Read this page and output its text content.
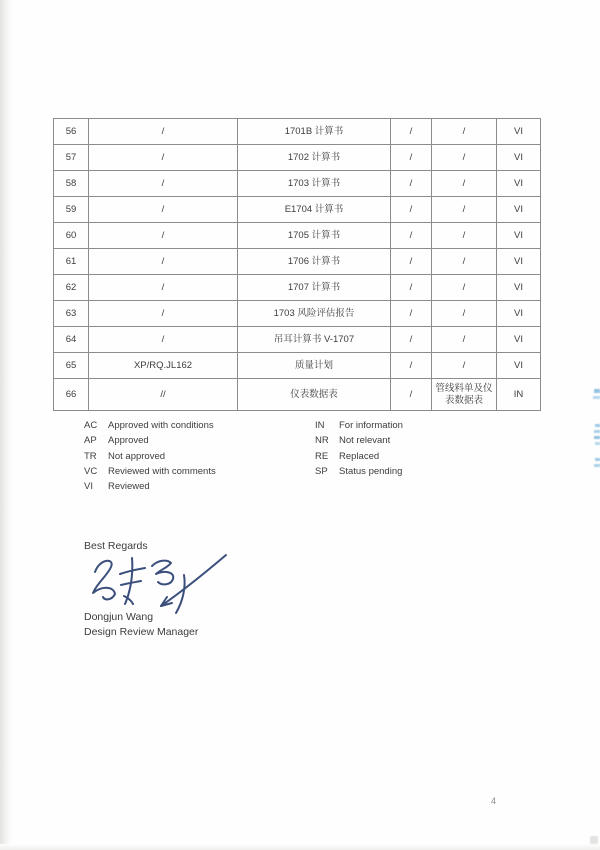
56	/	1701B 计算书	/	/	VI
57	/	1702 计算书	/	/	VI
58	/	1703 计算书	/	/	VI
59	/	E1704 计算书	/	/	VI
60	/	1705 计算书	/	/	VI
61	/	1706 计算书	/	/	VI
62	/	1707 计算书	/	/	VI
63	/	1703 风险评估报告	/	/	VI
64	/	吊耳计算书 V-1707	/	/	VI
65	XP/RQ.JL162	质量计划	/	/	VI
66	//	仪表数据表	/	管线料单及仪表数据表	IN
AC Approved with conditions
AP Approved
TR Not approved
VC Reviewed with comments
VI Reviewed
IN For information
NR Not relevant
RE Replaced
SP Status pending
Best Regards
Dongjun Wang
Design Review Manager
4
